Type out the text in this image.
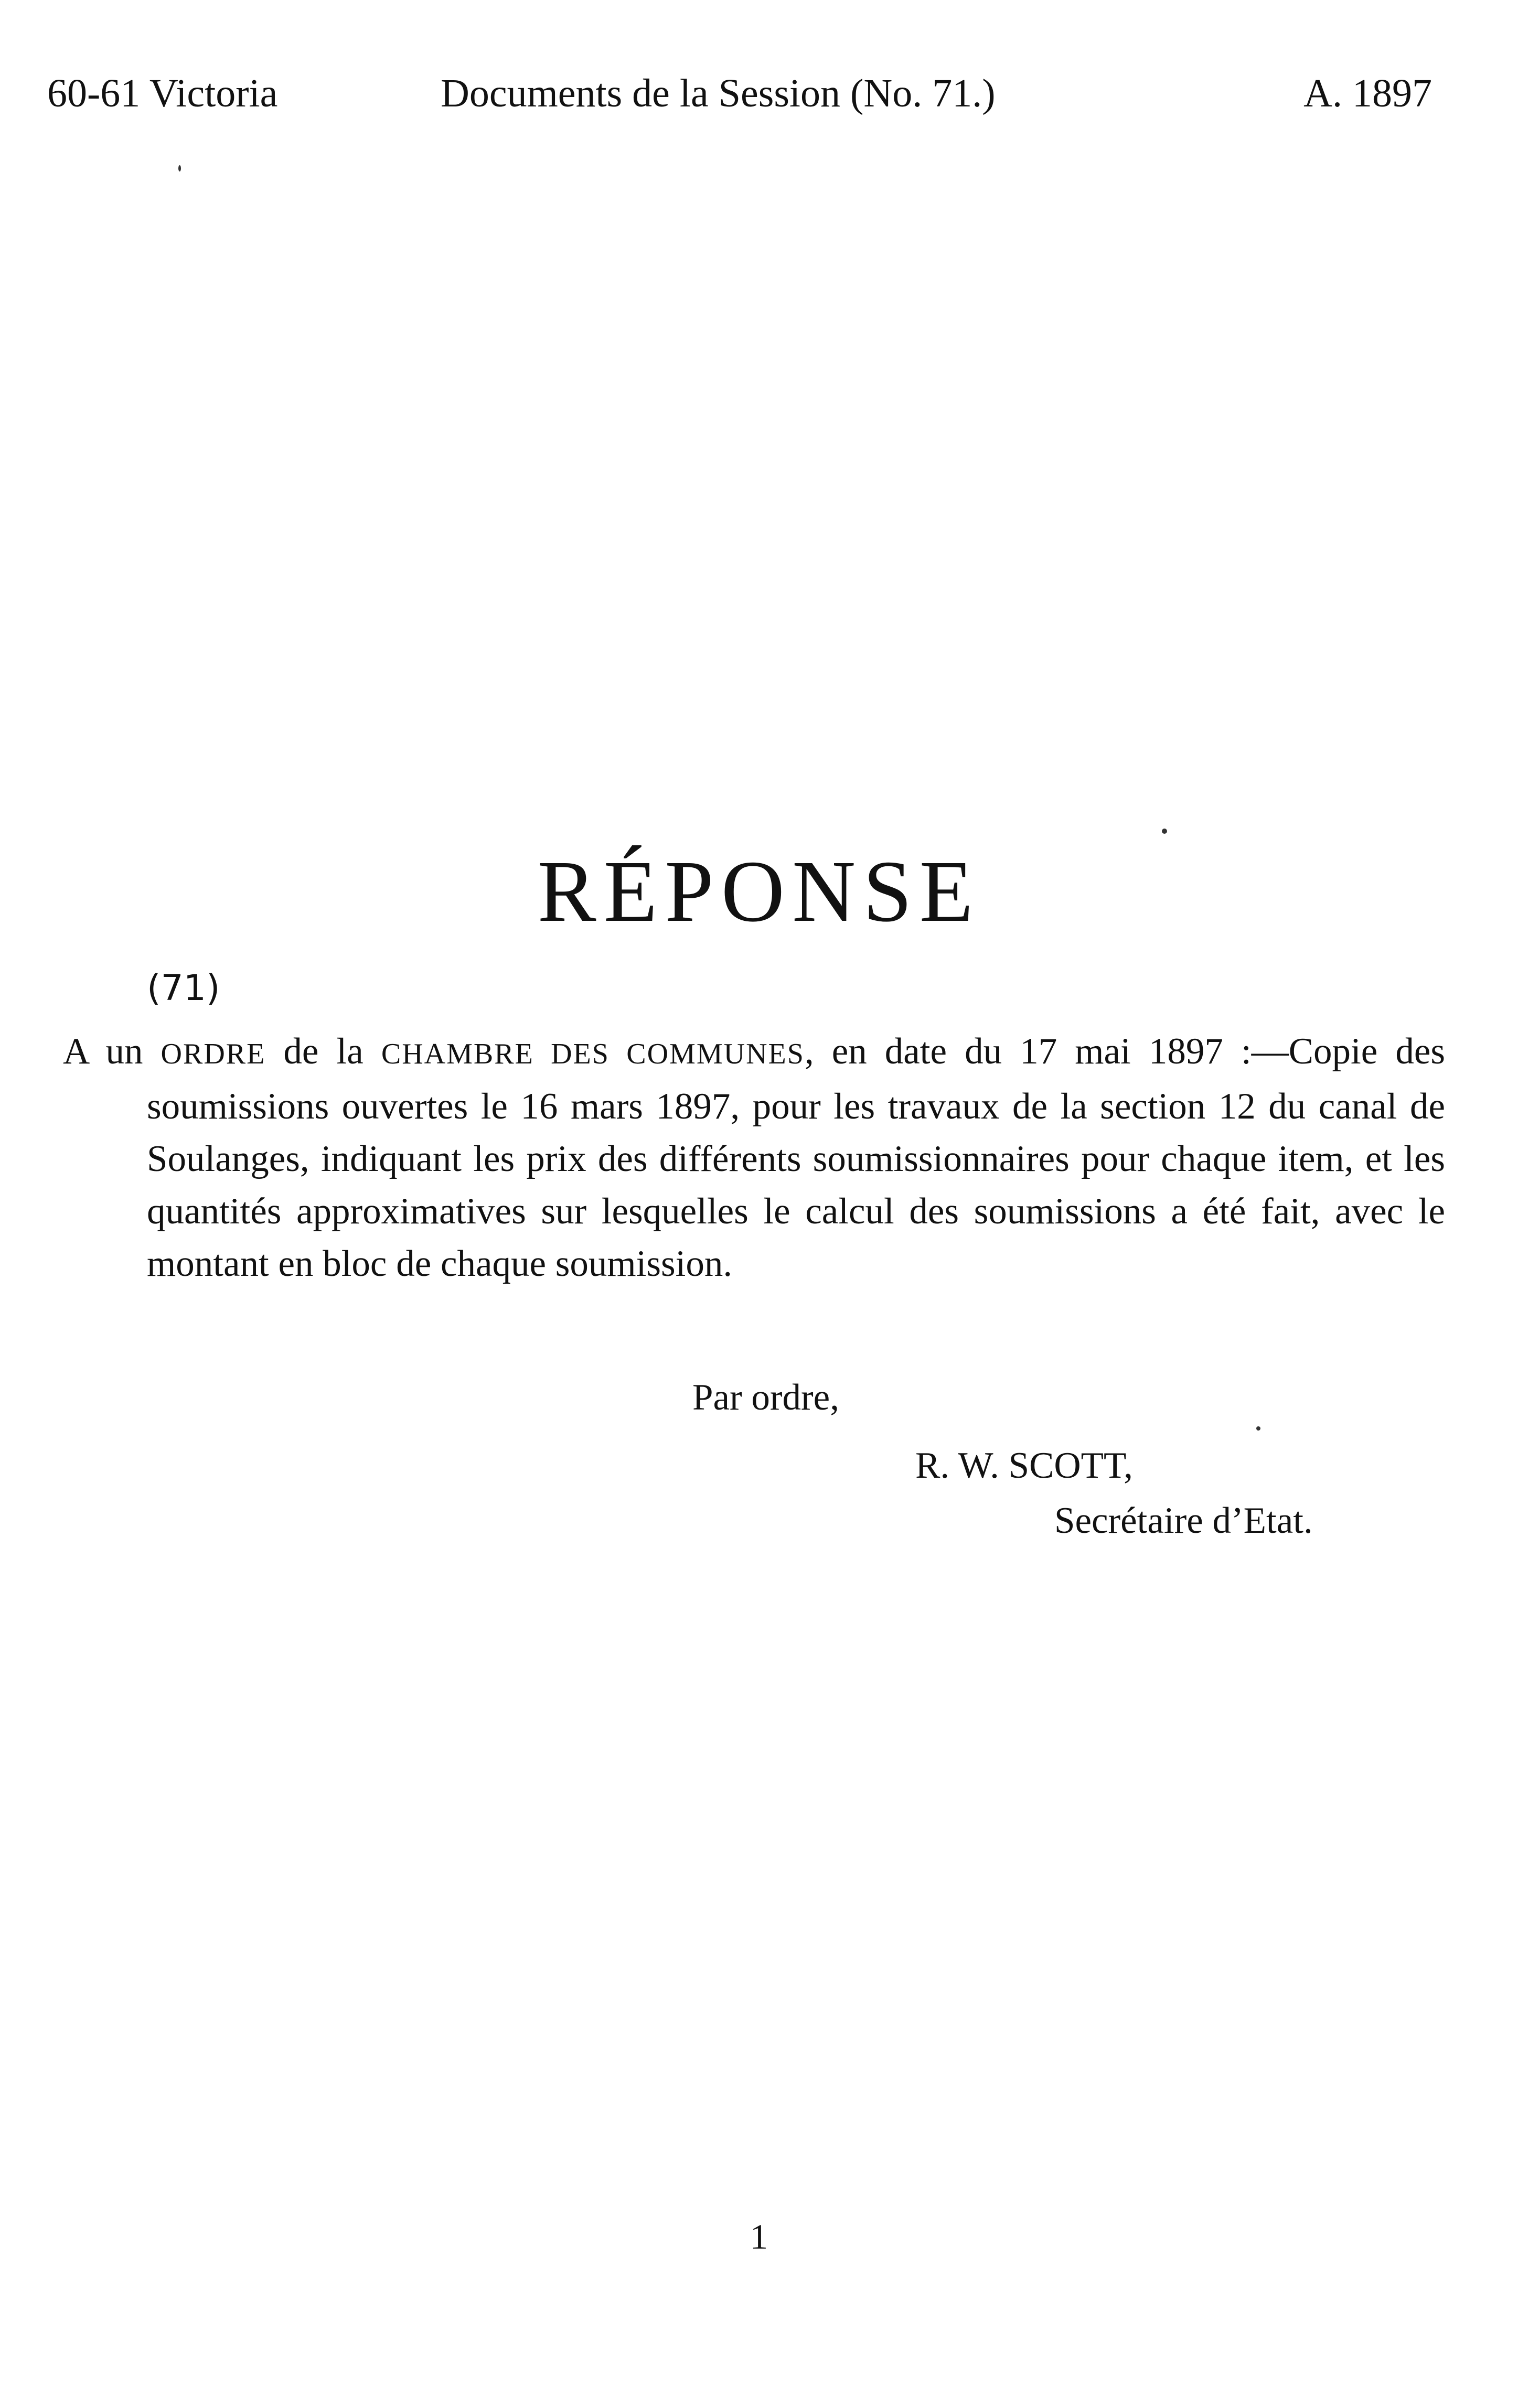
60-61 Victoria	Documents de la Session (No. 71.)	A. 1897
RÉPONSE
(71)

A un ORDRE de la CHAMBRE DES COMMUNES, en date du 17 mai 1897 :—Copie des soumissions ouvertes le 16 mars 1897, pour les travaux de la section 12 du canal de Soulanges, indiquant les prix des différents soumissionnaires pour chaque item, et les quantités approximatives sur lesquelles le calcul des soumissions a été fait, avec le montant en bloc de chaque soumission.

Par ordre,
R. W. SCOTT,
Secrétaire d’Etat.
1
